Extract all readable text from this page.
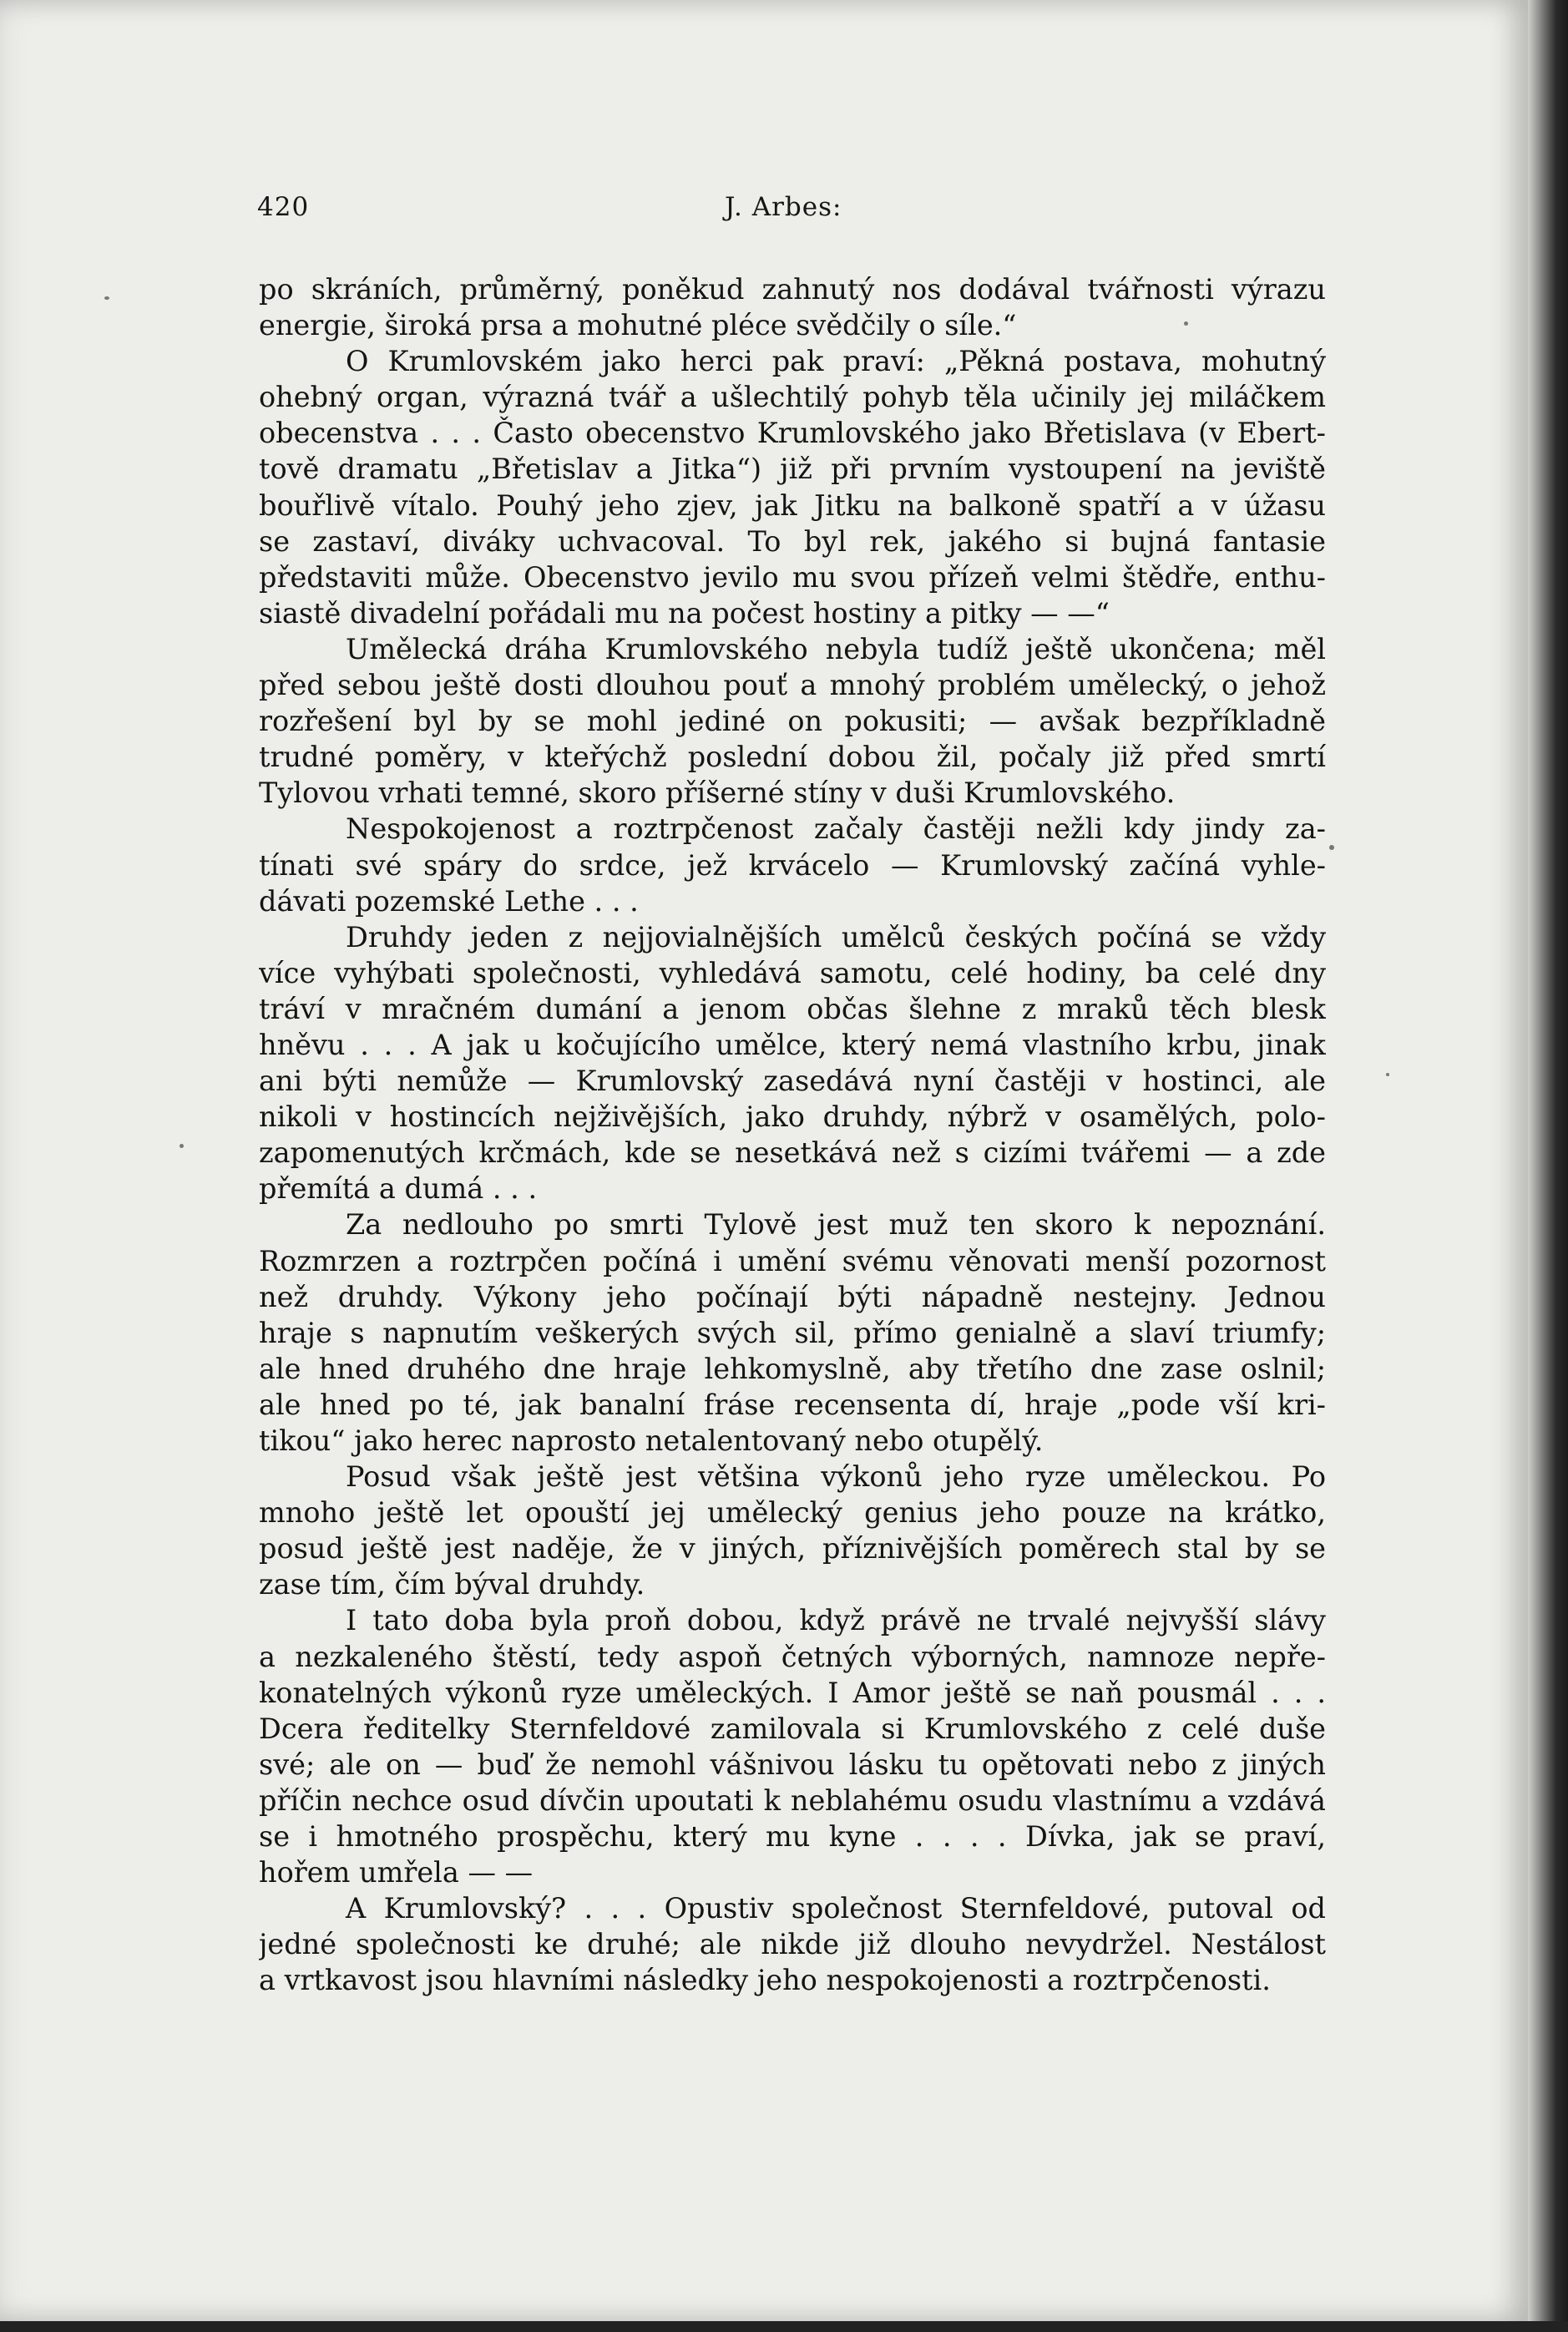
420	J. Arbes:
po skráních, průměrný, poněkud zahnutý nos dodával tvářnosti výrazu
energie, široká prsa a mohutné pléce svědčily o síle.“
O Krumlovském jako herci pak praví: „Pěkná postava, mohutný
ohebný organ, výrazná tvář a ušlechtilý pohyb těla učinily jej miláčkem
obecenstva . . . Často obecenstvo Krumlovského jako Břetislava (v Ebert-
tově dramatu „Břetislav a Jitka“) již při prvním vystoupení na jeviště
bouřlivě vítalo. Pouhý jeho zjev, jak Jitku na balkoně spatří a v úžasu
se zastaví, diváky uchvacoval. To byl rek, jakého si bujná fantasie
představiti může. Obecenstvo jevilo mu svou přízeň velmi štědře, enthu-
siastě divadelní pořádali mu na počest hostiny a pitky — —“
Umělecká dráha Krumlovského nebyla tudíž ještě ukončena; měl
před sebou ještě dosti dlouhou pouť a mnohý problém umělecký, o jehož
rozřešení byl by se mohl jediné on pokusiti; — avšak bezpříkladně
trudné poměry, v kteřýchž poslední dobou žil, počaly již před smrtí
Tylovou vrhati temné, skoro příšerné stíny v duši Krumlovského.
Nespokojenost a roztrpčenost začaly častěji nežli kdy jindy za-
tínati své spáry do srdce, jež krvácelo — Krumlovský začíná vyhle-
dávati pozemské Lethe . . .
Druhdy jeden z nejjovialnějších umělců českých počíná se vždy
více vyhýbati společnosti, vyhledává samotu, celé hodiny, ba celé dny
tráví v mračném dumání a jenom občas šlehne z mraků těch blesk
hněvu . . . A jak u kočujícího umělce, který nemá vlastního krbu, jinak
ani býti nemůže — Krumlovský zasedává nyní častěji v hostinci, ale
nikoli v hostincích nejživějších, jako druhdy, nýbrž v osamělých, polo-
zapomenutých krčmách, kde se nesetkává než s cizími tvářemi — a zde
přemítá a dumá . . .
Za nedlouho po smrti Tylově jest muž ten skoro k nepoznání.
Rozmrzen a roztrpčen počíná i umění svému věnovati menší pozornost
než druhdy. Výkony jeho počínají býti nápadně nestejny. Jednou
hraje s napnutím veškerých svých sil, přímo genialně a slaví triumfy;
ale hned druhého dne hraje lehkomyslně, aby třetího dne zase oslnil;
ale hned po té, jak banalní fráse recensenta dí, hraje „pode vší kri-
tikou“ jako herec naprosto netalentovaný nebo otupělý.
Posud však ještě jest většina výkonů jeho ryze uměleckou. Po
mnoho ještě let opouští jej umělecký genius jeho pouze na krátko,
posud ještě jest naděje, že v jiných, příznivějších poměrech stal by se
zase tím, čím býval druhdy.
I tato doba byla proň dobou, když právě ne trvalé nejvyšší slávy
a nezkaleného štěstí, tedy aspoň četných výborných, namnoze nepře-
konatelných výkonů ryze uměleckých. I Amor ještě se naň pousmál . . .
Dcera ředitelky Sternfeldové zamilovala si Krumlovského z celé duše
své; ale on — buď že nemohl vášnivou lásku tu opětovati nebo z jiných
příčin nechce osud dívčin upoutati k neblahému osudu vlastnímu a vzdává
se i hmotného prospěchu, který mu kyne . . . . Dívka, jak se praví,
hořem umřela — —
A Krumlovský? . . . Opustiv společnost Sternfeldové, putoval od
jedné společnosti ke druhé; ale nikde již dlouho nevydržel. Nestálost
a vrtkavost jsou hlavními následky jeho nespokojenosti a roztrpčenosti.
